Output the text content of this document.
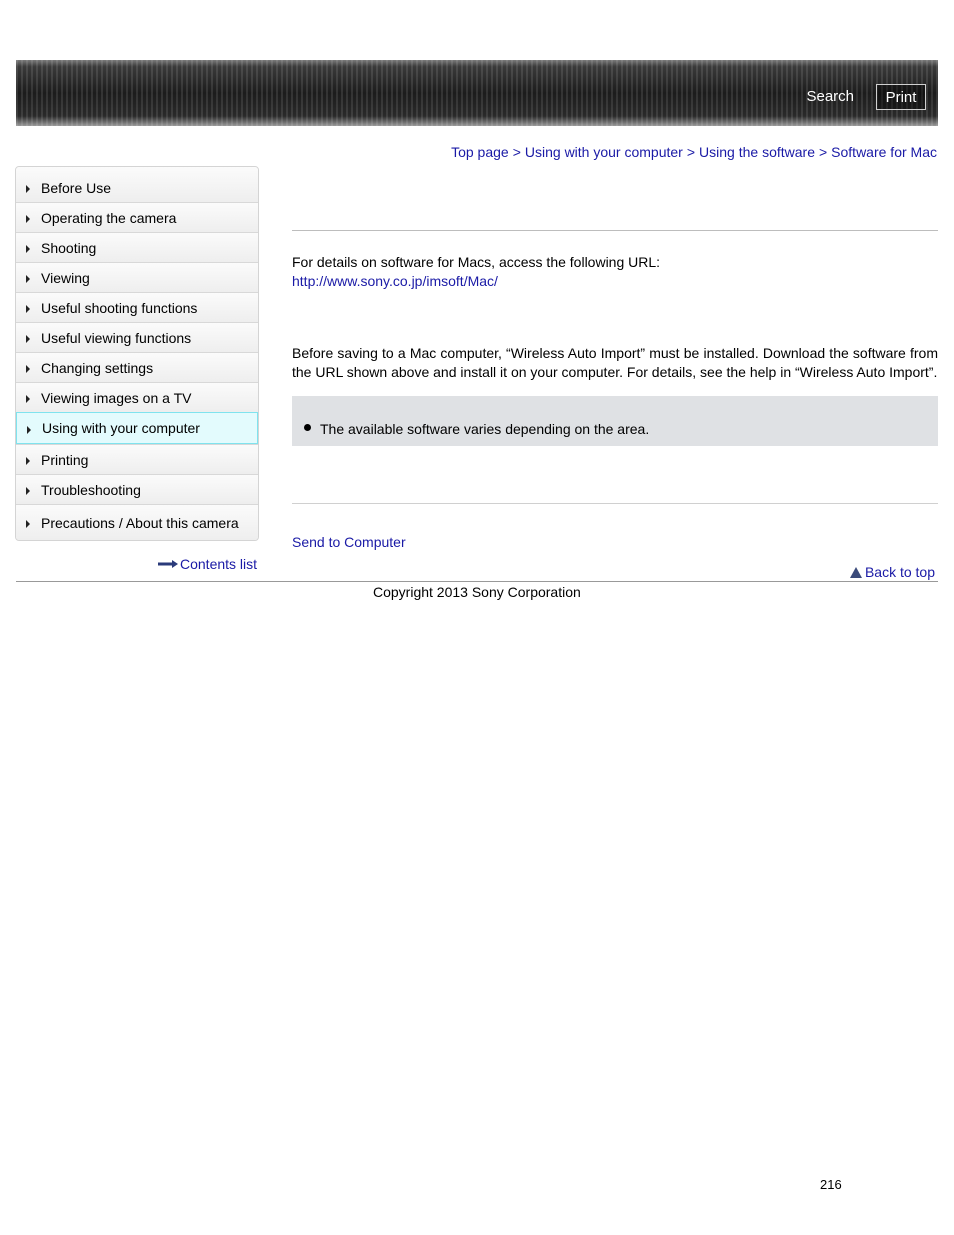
Search	Print
Top page > Using with your computer > Using the software > Software for Mac
Before Use
Operating the camera
Shooting
Viewing
Useful shooting functions
Useful viewing functions
Changing settings
Viewing images on a TV
Using with your computer
Printing
Troubleshooting
Precautions / About this camera
Contents list
For details on software for Macs, access the following URL:
http://www.sony.co.jp/imsoft/Mac/
Before saving to a Mac computer, “Wireless Auto Import” must be installed. Download the software from the URL shown above and install it on your computer. For details, see the help in “Wireless Auto Import”.
The available software varies depending on the area.
Send to Computer
Back to top
Copyright 2013 Sony Corporation
216
